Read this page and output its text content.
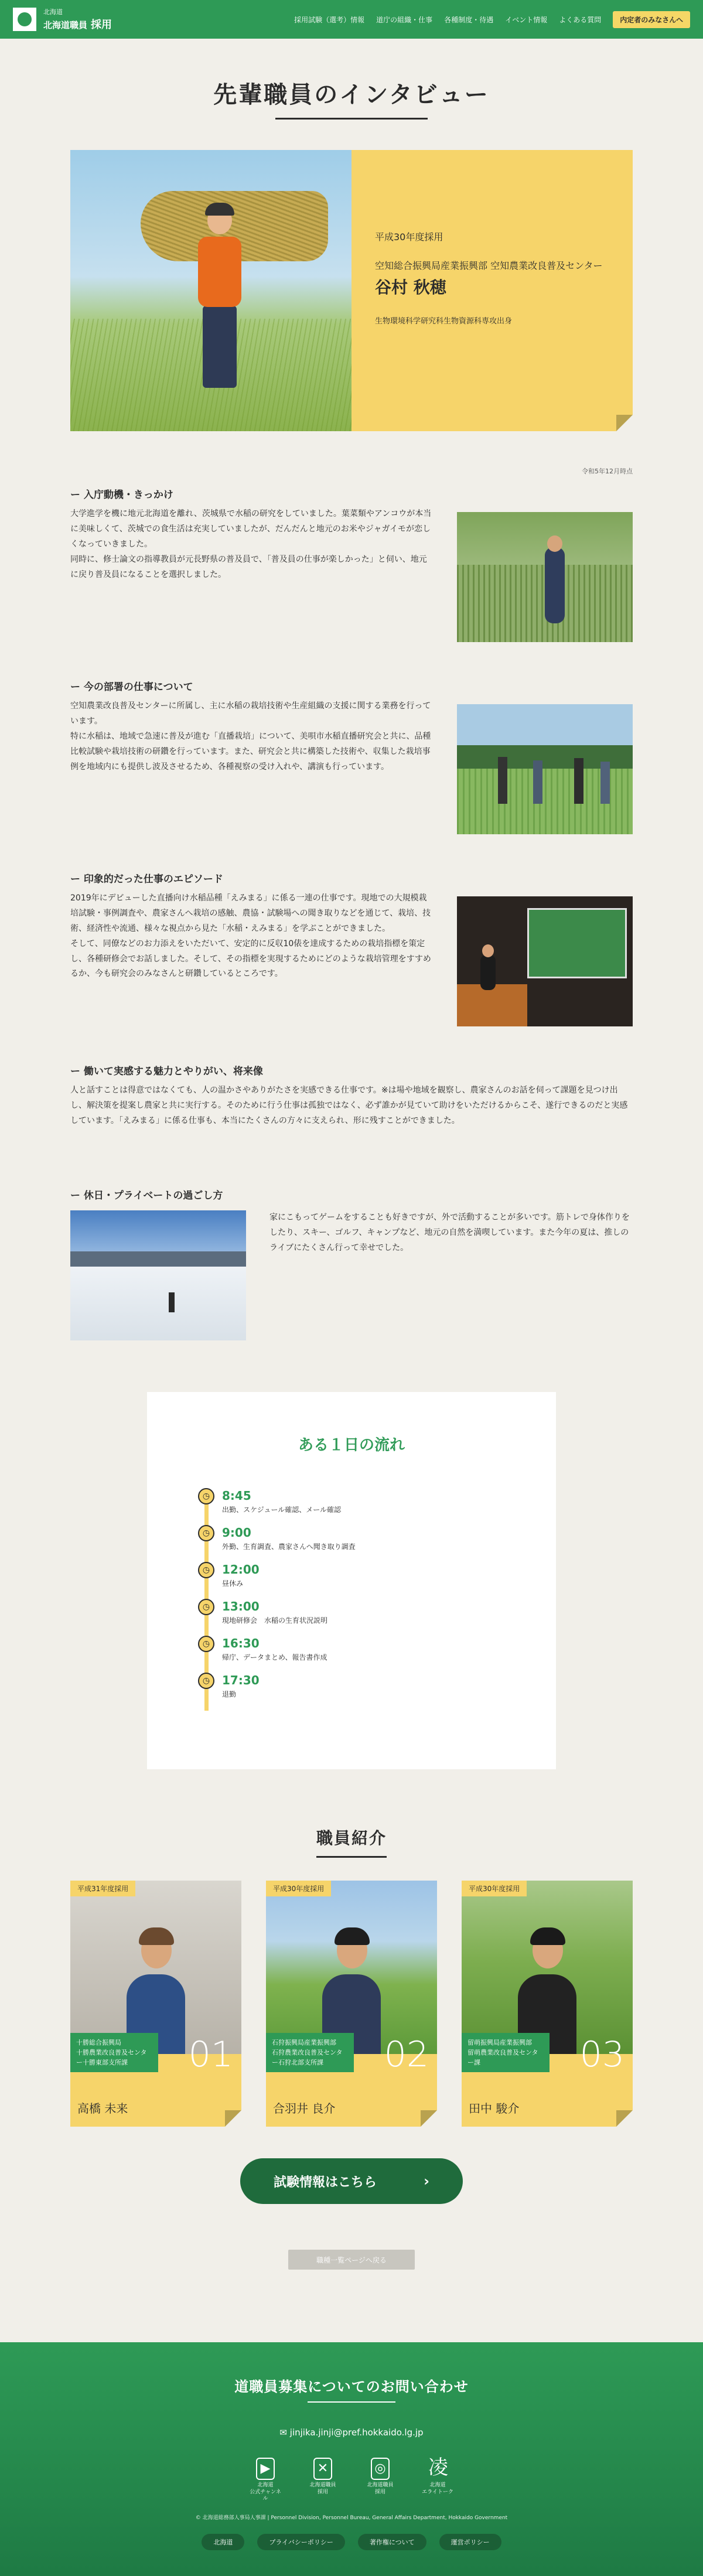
北海道
北海道職員 採用	採用試験（選考）情報 道庁の組織・仕事 各種制度・待遇 イベント情報 よくある質問	内定者のみなさんへ
先輩職員のインタビュー

平成30年度採用

空知総合振興局産業振興部 空知農業改良普及センター

谷村 秋穂

生物環境科学研究科生物資源科専攻出身

令和5年12月時点

ー 入庁動機・きっかけ

大学進学を機に地元北海道を離れ、茨城県で水稲の研究をしていました。葉菜類やアンコウが本当に美味しくて、茨城での食生活は充実していましたが、だんだんと地元のお米やジャガイモが恋しくなっていきました。
同時に、修士論文の指導教員が元長野県の普及員で、「普及員の仕事が楽しかった」と伺い、地元に戻り普及員になることを選択しました。

ー 今の部署の仕事について

空知農業改良普及センターに所属し、主に水稲の栽培技術や生産組織の支援に関する業務を行っています。
特に水稲は、地域で急速に普及が進む「直播栽培」について、美唄市水稲直播研究会と共に、品種比較試験や栽培技術の研鑽を行っています。また、研究会と共に構築した技術や、収集した栽培事例を地域内にも提供し波及させるため、各種視察の受け入れや、講演も行っています。

ー 印象的だった仕事のエピソード

2019年にデビューした直播向け水稲品種「えみまる」に係る一連の仕事です。現地での大規模栽培試験・事例調査や、農家さんへ栽培の感触、農協・試験場への聞き取りなどを通じて、栽培、技術、経済性や流通、様々な視点から見た「水稲・えみまる」を学ぶことができました。
そして、同僚などのお力添えをいただいて、安定的に反収10俵を達成するための栽培指標を策定し、各種研修会でお話しました。そして、その指標を実現するためにどのような栽培管理をすすめるか、今も研究会のみなさんと研鑽しているところです。

ー 働いて実感する魅力とやりがい、将来像

人と話すことは得意ではなくても、人の温かさやありがたさを実感できる仕事です。※は場や地域を観察し、農家さんのお話を伺って課題を見つけ出し、解決策を提案し農家と共に実行する。そのために行う仕事は孤独ではなく、必ず誰かが見ていて助けをいただけるからこそ、遂行できるのだと実感しています。「えみまる」に係る仕事も、本当にたくさんの方々に支えられ、形に残すことができました。

ー 休日・プライベートの過ごし方

家にこもってゲームをすることも好きですが、外で活動することが多いです。筋トレで身体作りをしたり、スキー、ゴルフ、キャンプなど、地元の自然を満喫しています。また今年の夏は、推しのライブにたくさん行って幸せでした。

ある１日の流れ
◷	8:45
出勤、スケジュール確認、メール確認
◷	9:00
外勤、生育調査、農家さんへ聞き取り調査
◷	12:00
昼休み
◷	13:00
現地研修会　水稲の生育状況説明
◷	16:30
帰庁、データまとめ、報告書作成
◷	17:30
退勤
職員紹介
平成31年度採用

十勝総合振興局
十勝農業改良普及センター十勝東部支所課	01
高橋 未来
平成30年度採用

石狩振興局産業振興部
石狩農業改良普及センター石狩北部支所課	02
合羽井 良介
平成30年度採用

留萌振興局産業振興部
留萌農業改良普及センター課	03
田中 駿介
試験情報はこちら	›
職種一覧ページへ戻る
道職員募集についてのお問い合わせ

✉ jinjika.jinji@pref.hokkaido.lg.jp

▶
北海道
公式チャンネル
✕
北海道職員
採用
◎
北海道職員
採用
凌
北海道
エライトーク

© 北海道総務部人事局人事課 | Personnel Division, Personnel Bureau, General Affairs Department, Hokkaido Government

北海道	プライバシーポリシー	著作権について	運営ポリシー
